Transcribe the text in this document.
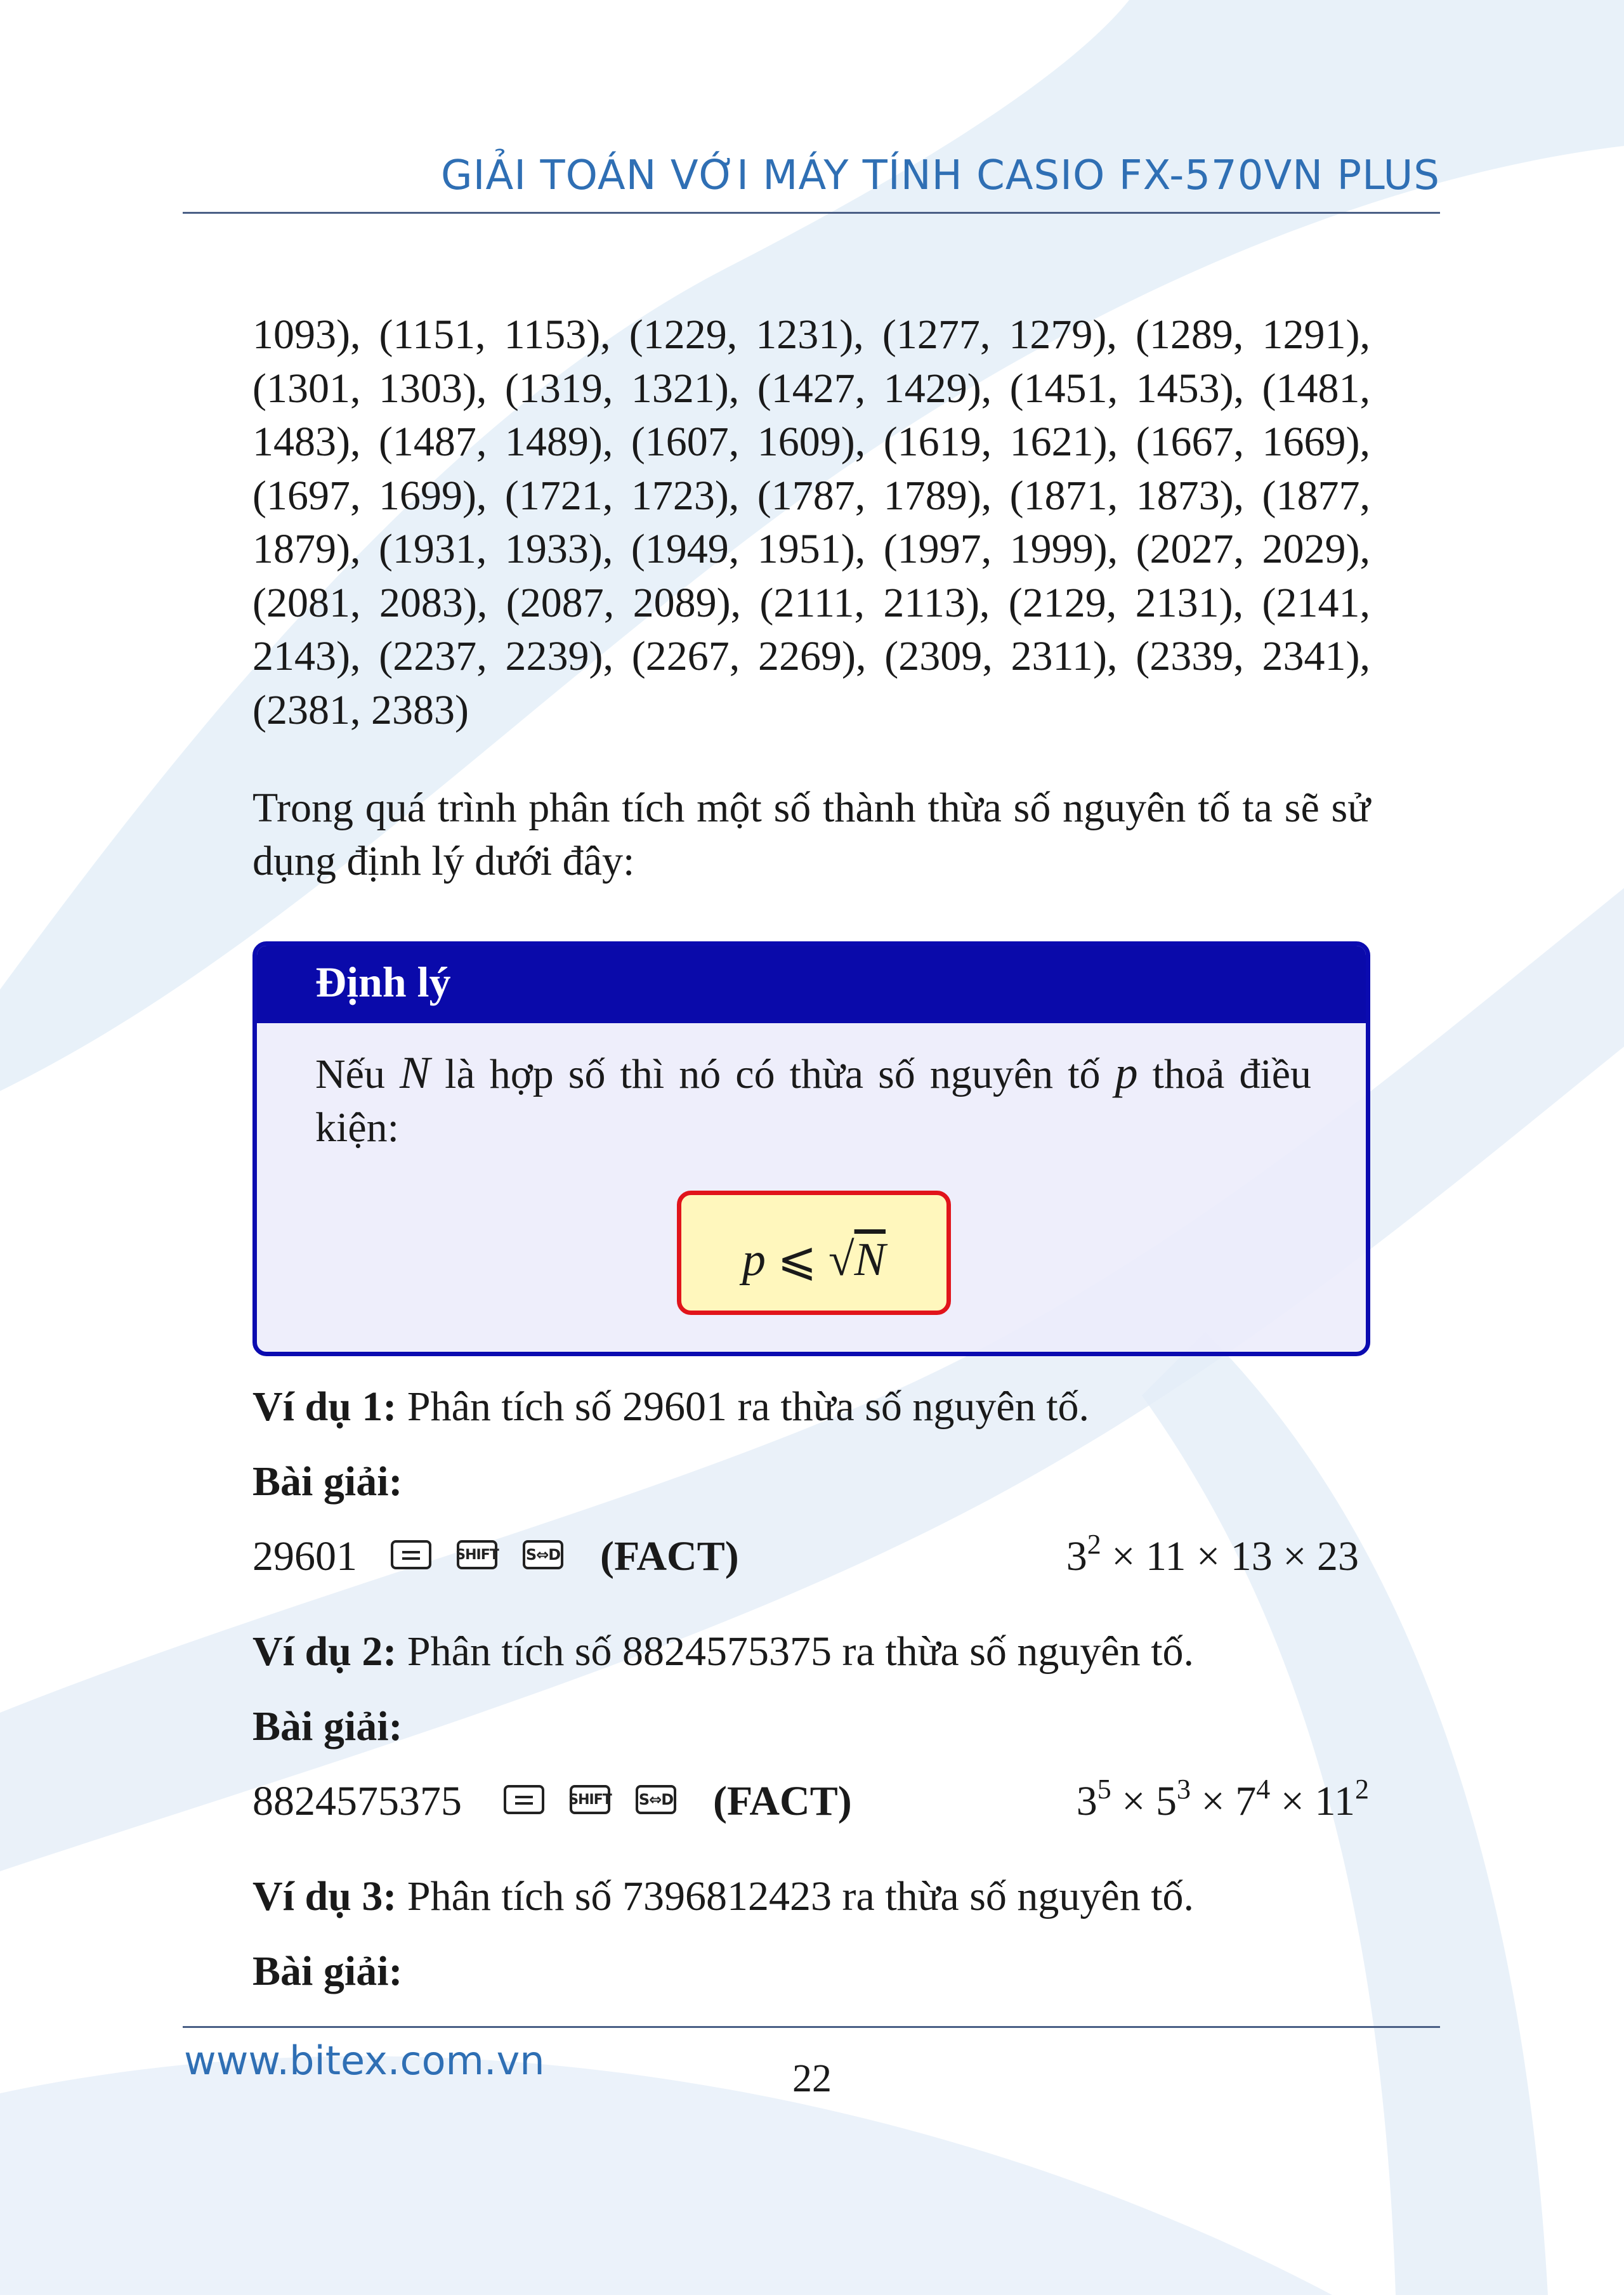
GIẢI TOÁN VỚI MÁY TÍNH CASIO FX-570VN PLUS
1093), (1151, 1153), (1229, 1231), (1277, 1279), (1289, 1291), (1301, 1303), (1319, 1321), (1427, 1429), (1451, 1453), (1481, 1483), (1487, 1489), (1607, 1609), (1619, 1621), (1667, 1669), (1697, 1699), (1721, 1723), (1787, 1789), (1871, 1873), (1877, 1879), (1931, 1933), (1949, 1951), (1997, 1999), (2027, 2029), (2081, 2083), (2087, 2089), (2111, 2113), (2129, 2131), (2141, 2143), (2237, 2239), (2267, 2269), (2309, 2311), (2339, 2341), (2381, 2383)
Trong quá trình phân tích một số thành thừa số nguyên tố ta sẽ sử dụng định lý dưới đây:
Định lý
Nếu N là hợp số thì nó có thừa số nguyên tố p thoả điều kiện:
p ⩽ √N
Ví dụ 1: Phân tích số 29601 ra thừa số nguyên tố.
Bài giải:
29601	SHIFT S⇔D (FACT)	$3^2 \times 11 \times 13 \times 23$
Ví dụ 2: Phân tích số 8824575375 ra thừa số nguyên tố.
Bài giải:
8824575375	SHIFT S⇔D (FACT)	$3^5 \times 5^3 \times 7^4 \times 11^2$
Ví dụ 3: Phân tích số 7396812423 ra thừa số nguyên tố.
Bài giải:
www.bitex.com.vn	22
